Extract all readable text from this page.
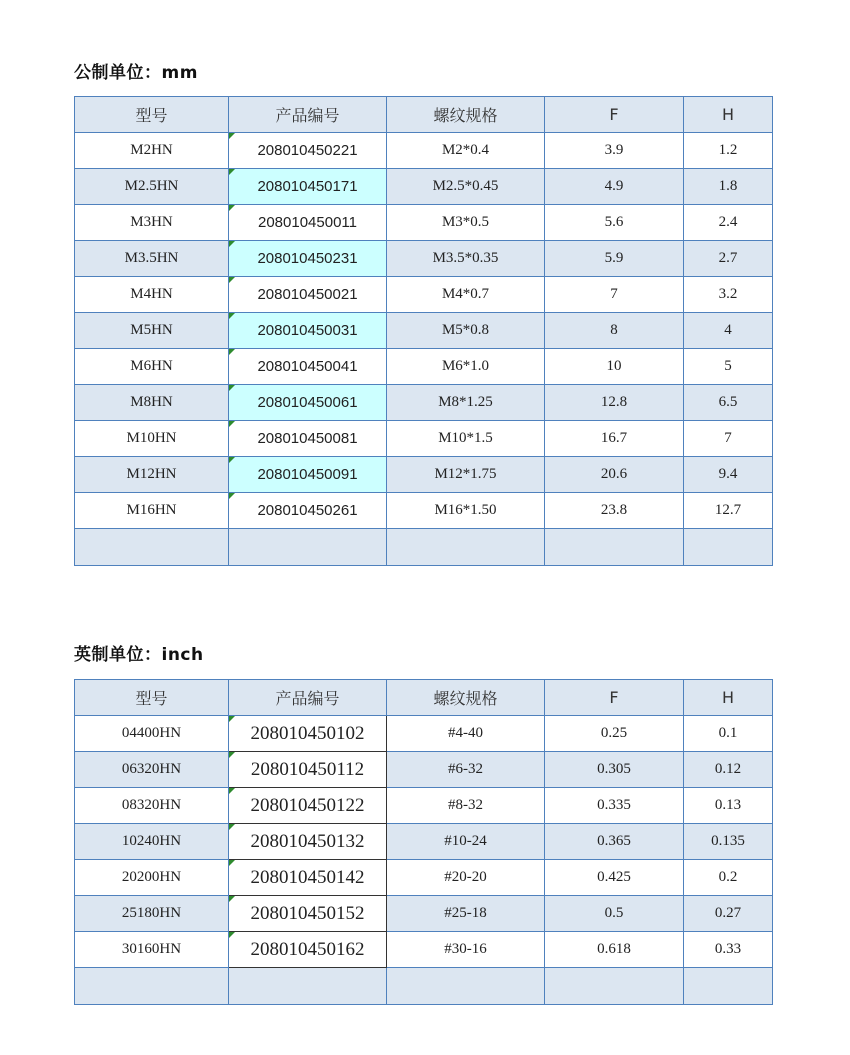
公制单位：mm
型号	产品编号	螺纹规格	F	H
M2HN	208010450221	M2*0.4	3.9	1.2
M2.5HN	208010450171	M2.5*0.45	4.9	1.8
M3HN	208010450011	M3*0.5	5.6	2.4
M3.5HN	208010450231	M3.5*0.35	5.9	2.7
M4HN	208010450021	M4*0.7	7	3.2
M5HN	208010450031	M5*0.8	8	4
M6HN	208010450041	M6*1.0	10	5
M8HN	208010450061	M8*1.25	12.8	6.5
M10HN	208010450081	M10*1.5	16.7	7
M12HN	208010450091	M12*1.75	20.6	9.4
M16HN	208010450261	M16*1.50	23.8	12.7

英制单位：inch
型号	产品编号	螺纹规格	F	H
04400HN	208010450102	#4-40	0.25	0.1
06320HN	208010450112	#6-32	0.305	0.12
08320HN	208010450122	#8-32	0.335	0.13
10240HN	208010450132	#10-24	0.365	0.135
20200HN	208010450142	#20-20	0.425	0.2
25180HN	208010450152	#25-18	0.5	0.27
30160HN	208010450162	#30-16	0.618	0.33
